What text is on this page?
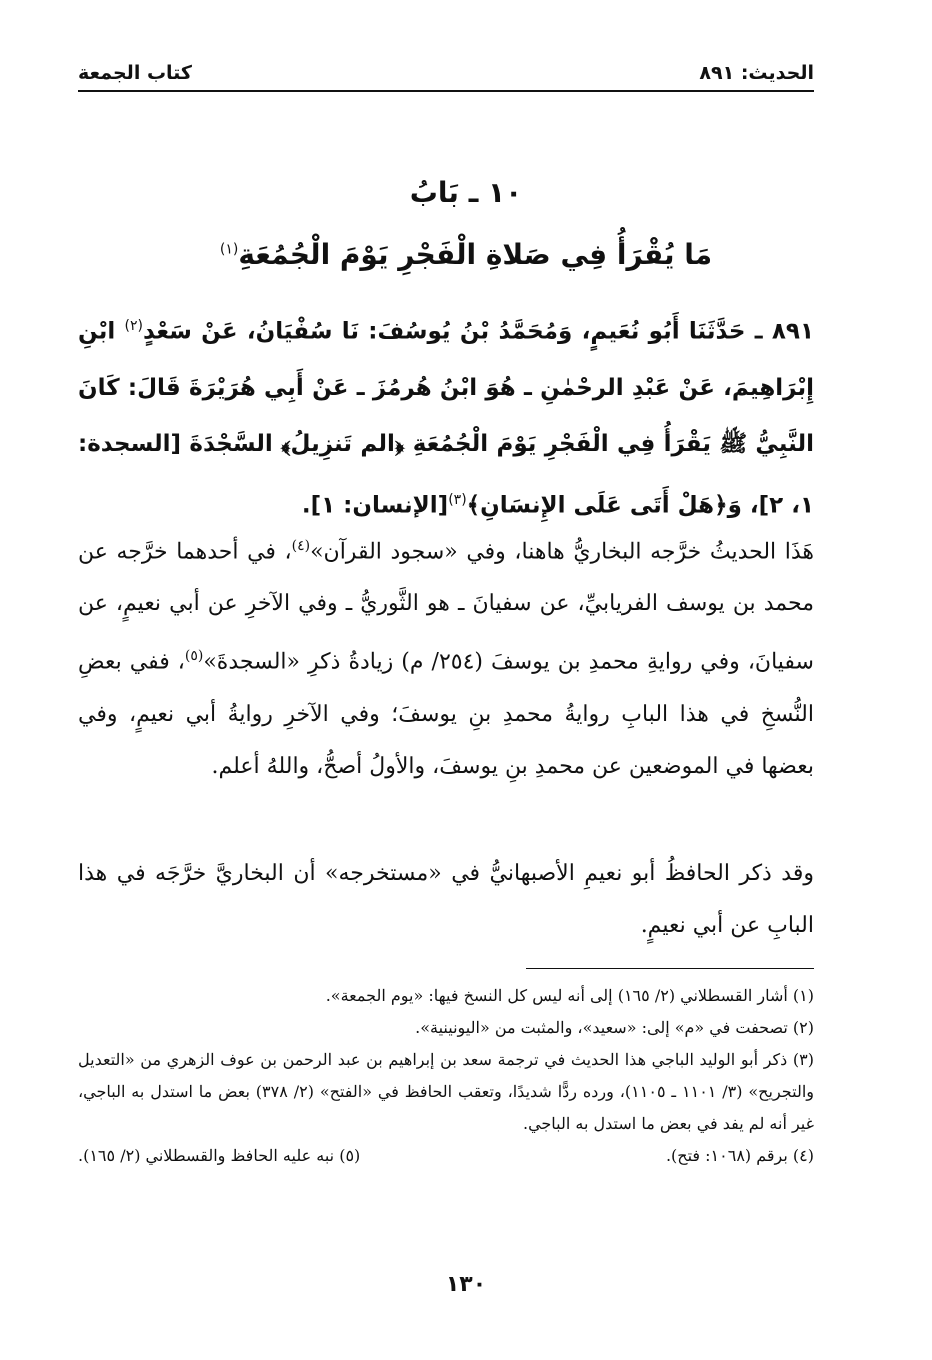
الحديث: ٨٩١
كتاب الجمعة
١٠ ـ بَابُ
مَا يُقْرَأُ فِي صَلاةِ الْفَجْرِ يَوْمَ الْجُمُعَةِ$^{(١)}$
٨٩١ ـ حَدَّثَنَا أَبُو نُعَيمٍ، وَمُحَمَّدُ بْنُ يُوسُفَ: نَا سُفْيَانُ، عَنْ سَعْدٍ$^{(٢)}$ ابْنِ إِبْرَاهِيمَ، عَنْ عَبْدِ الرحْمٰنِ ـ هُوَ ابْنُ هُرمُزَ ـ عَنْ أَبِي هُرَيْرَةَ قَالَ: كَانَ النَّبِيُّ ﷺ يَقْرَأُ فِي الْفَجْرِ يَوْمَ الْجُمُعَةِ ﴿الم تَنزِيلُ﴾ السَّجْدَةَ [السجدة: ١، ٢]، وَ﴿هَلْ أَتَى عَلَى الإِنسَانِ﴾$^{(٣)}$[الإنسان: ١].
هَذَا الحديثُ خرَّجه البخاريُّ هاهنا، وفي «سجود القرآن»$^{(٤)}$، في أحدهما خرَّجه عن محمد بن يوسف الفريابيِّ، عن سفيانَ ـ هو الثَّوريُّ ـ وفي الآخرِ عن أبي نعيمٍ، عن سفيانَ، وفي روايةِ محمدِ بن يوسفَ (٢٥٤/ م) زيادةُ ذكرِ «السجدةَ»$^{(٥)}$، ففي بعضِ النُّسخِ في هذا البابِ روايةُ محمدِ بنِ يوسفَ؛ وفي الآخرِ روايةُ أبي نعيمٍ، وفي بعضها في الموضعين عن محمدِ بنِ يوسفَ، والأولُ أصحُّ، واللهُ أعلم.
وقد ذكر الحافظُ أبو نعيمِ الأصبهانيُّ في «مستخرجه» أن البخاريَّ خرَّجَه في هذا البابِ عن أبي نعيمٍ.
(١) أشار القسطلاني (٢/ ١٦٥) إلى أنه ليس كل النسخ فيها: «يوم الجمعة».
(٢) تصحفت في «م» إلى: «سعيد»، والمثبت من «اليونينية».
(٣) ذكر أبو الوليد الباجي هذا الحديث في ترجمة سعد بن إبراهيم بن عبد الرحمن بن عوف الزهري من «التعديل والتجريح» (٣/ ١١٠١ ـ ١١٠٥)، ورده ردًّا شديدًا، وتعقب الحافظ في «الفتح» (٢/ ٣٧٨) بعض ما استدل به الباجي، غير أنه لم يفد في بعض ما استدل به الباجي.
(٤) برقم (١٠٦٨: فتح).
(٥) نبه عليه الحافظ والقسطلاني (٢/ ١٦٥).
١٣٠
